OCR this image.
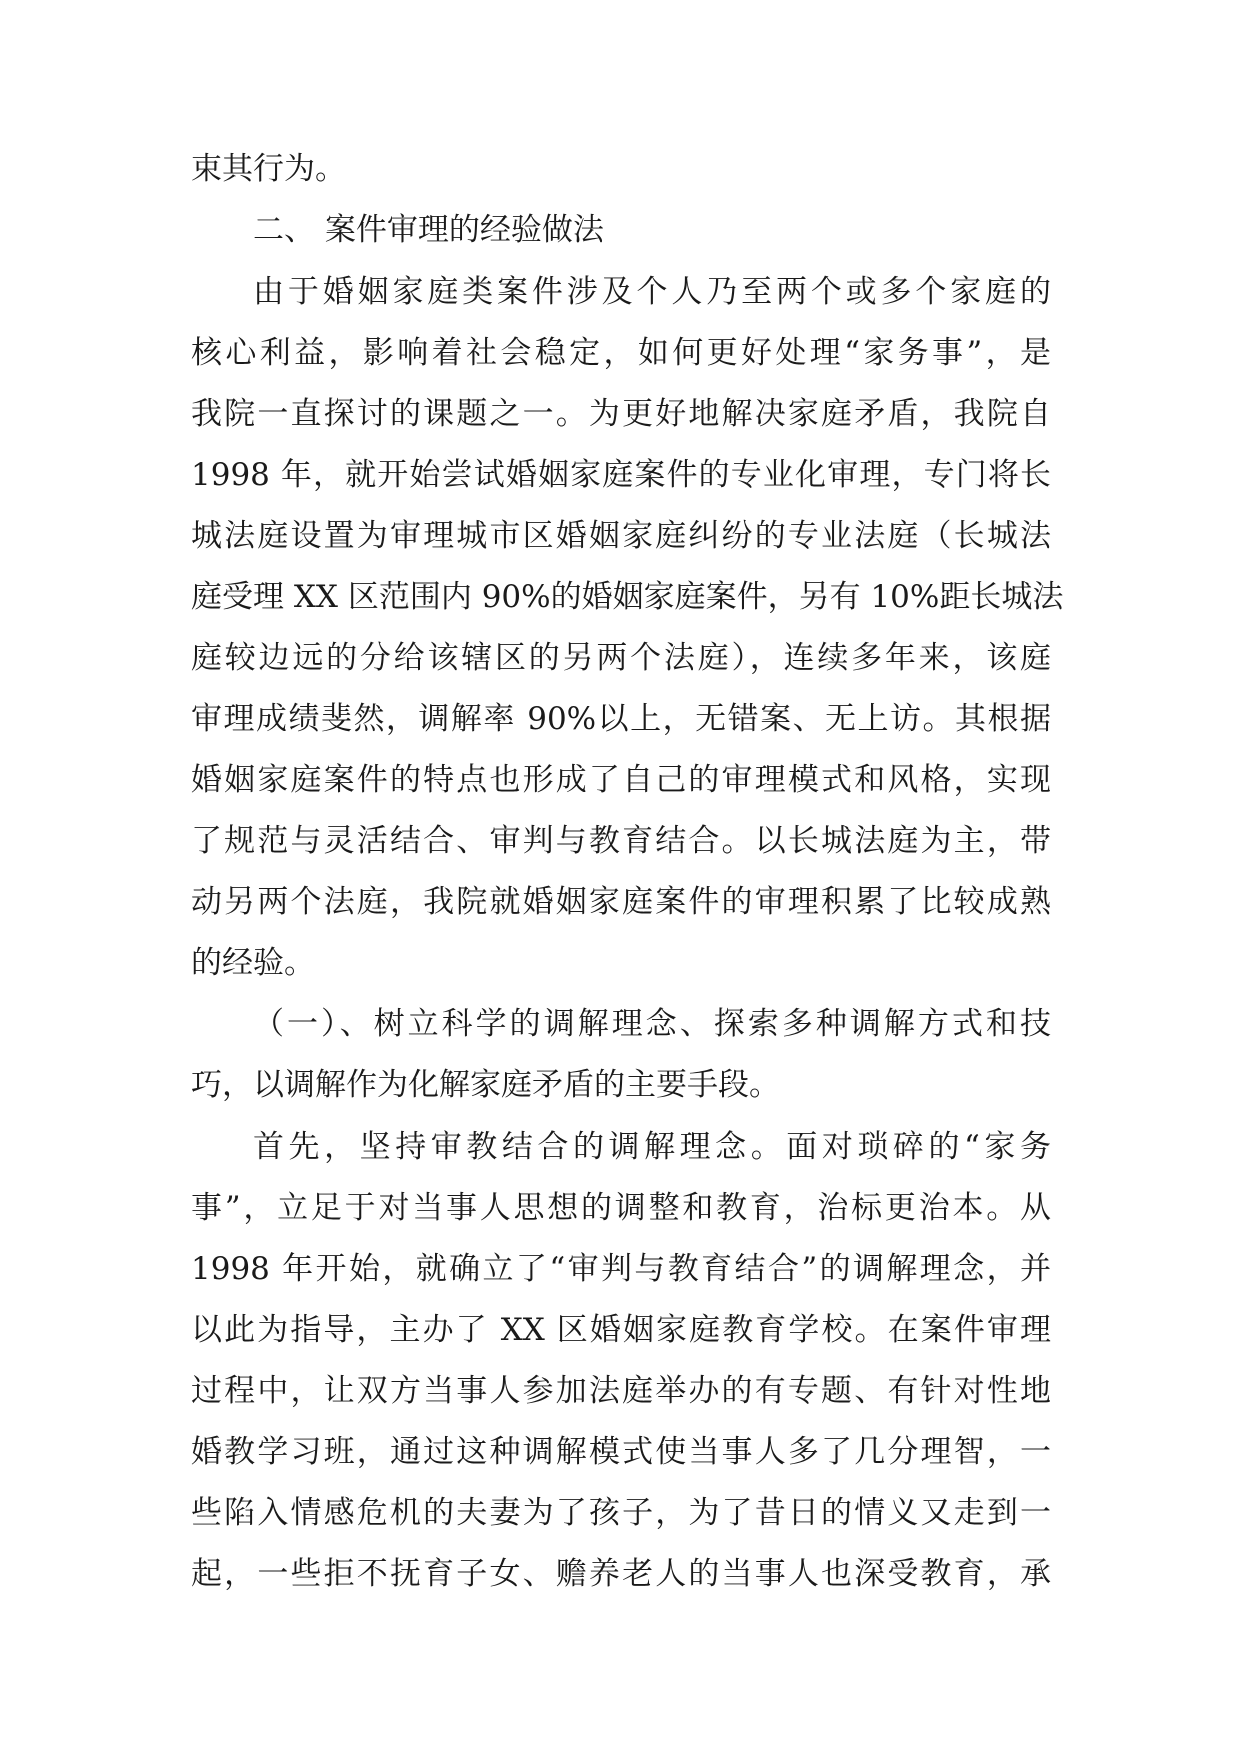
束其行为。
二、 案件审理的经验做法
由于婚姻家庭类案件涉及个人乃至两个或多个家庭的
核心利益，影响着社会稳定，如何更好处理“家务事”，是
我院一直探讨的课题之一。为更好地解决家庭矛盾，我院自
1998 年，就开始尝试婚姻家庭案件的专业化审理，专门将长
城法庭设置为审理城市区婚姻家庭纠纷的专业法庭（长城法
庭受理 XX 区范围内 90%的婚姻家庭案件，另有 10%距长城法
庭较边远的分给该辖区的另两个法庭），连续多年来，该庭
审理成绩斐然，调解率 90%以上，无错案、无上访。其根据
婚姻家庭案件的特点也形成了自己的审理模式和风格，实现
了规范与灵活结合、审判与教育结合。以长城法庭为主，带
动另两个法庭，我院就婚姻家庭案件的审理积累了比较成熟
的经验。
（一）、树立科学的调解理念、探索多种调解方式和技
巧，以调解作为化解家庭矛盾的主要手段。
首先，坚持审教结合的调解理念。面对琐碎的“家务
事”，立足于对当事人思想的调整和教育，治标更治本。从
1998 年开始，就确立了“审判与教育结合”的调解理念，并
以此为指导，主办了 XX 区婚姻家庭教育学校。在案件审理
过程中，让双方当事人参加法庭举办的有专题、有针对性地
婚教学习班，通过这种调解模式使当事人多了几分理智，一
些陷入情感危机的夫妻为了孩子，为了昔日的情义又走到一
起，一些拒不抚育子女、赡养老人的当事人也深受教育，承
